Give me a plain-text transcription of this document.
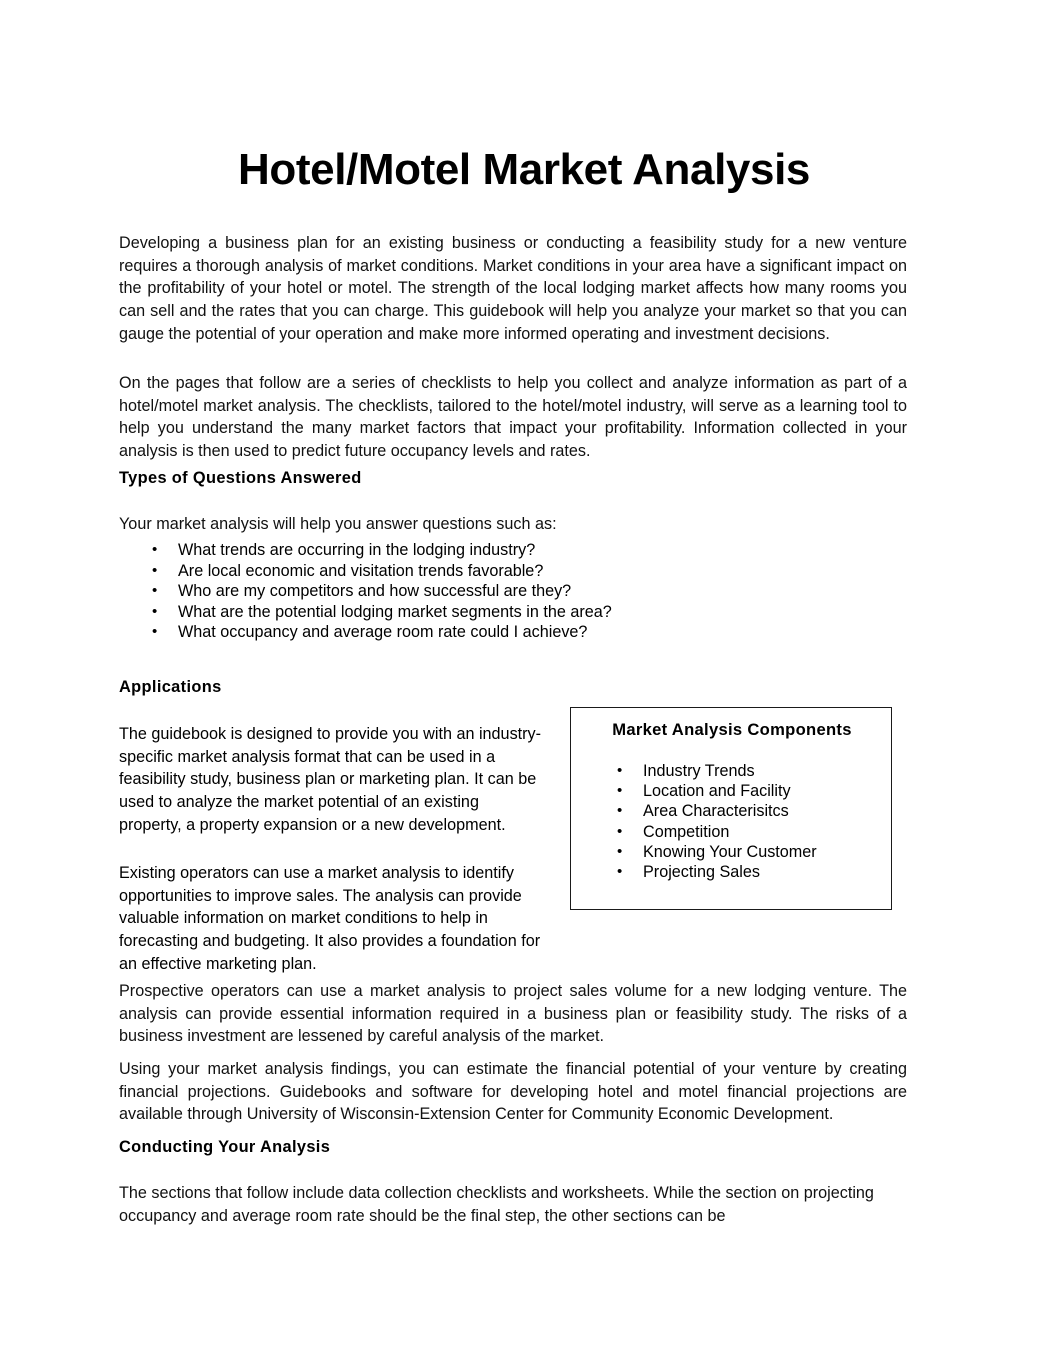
Hotel/Motel Market Analysis

Developing a business plan for an existing business or conducting a feasibility study for a new venture requires a thorough analysis of market conditions. Market conditions in your area have a significant impact on the profitability of your hotel or motel. The strength of the local lodging market affects how many rooms you can sell and the rates that you can charge. This guidebook will help you analyze your market so that you can gauge the potential of your operation and make more informed operating and investment decisions.

On the pages that follow are a series of checklists to help you collect and analyze information as part of a hotel/motel market analysis. The checklists, tailored to the hotel/motel industry, will serve as a learning tool to help you understand the many market factors that impact your profitability. Information collected in your analysis is then used to predict future occupancy levels and rates.

Types of Questions Answered

Your market analysis will help you answer questions such as:

• What trends are occurring in the lodging industry?
• Are local economic and visitation trends favorable?
• Who are my competitors and how successful are they?
• What are the potential lodging market segments in the area?
• What occupancy and average room rate could I achieve?
Applications

The guidebook is designed to provide you with an industry-specific market analysis format that can be used in a feasibility study, business plan or marketing plan. It can be used to analyze the market potential of an existing property, a property expansion or a new development.

Existing operators can use a market analysis to identify opportunities to improve sales. The analysis can provide valuable information on market conditions to help in forecasting and budgeting. It also provides a foundation for an effective marketing plan.

Market Analysis Components
• Industry Trends
• Location and Facility
• Area Characterisitcs
• Competition
• Knowing Your Customer
• Projecting Sales

Prospective operators can use a market analysis to project sales volume for a new lodging venture. The analysis can provide essential information required in a business plan or feasibility study. The risks of a business investment are lessened by careful analysis of the market.

Using your market analysis findings, you can estimate the financial potential of your venture by creating financial projections. Guidebooks and software for developing hotel and motel financial projections are available through University of Wisconsin-Extension Center for Community Economic Development.

Conducting Your Analysis

The sections that follow include data collection checklists and worksheets. While the section on projecting occupancy and average room rate should be the final step, the other sections can be
